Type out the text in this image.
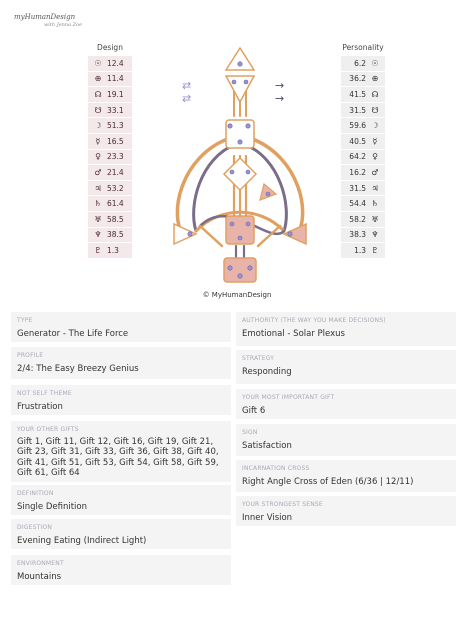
myHumanDesign
with Jenna Zoe
Design	Personality
☉ 12.4
⊕ 11.4
☊ 19.1
☋ 33.1
☽ 51.3
☿ 16.5
♀ 23.3
♂ 21.4
♃ 53.2
♄ 61.4
♅ 58.5
♆ 38.5
♇ 1.3
6.2 ☉
36.2 ⊕
41.5 ☊
31.5 ☋
59.6 ☽
40.5 ☿
64.2 ♀
16.2 ♂
31.5 ♃
54.4 ♄
58.2 ♅
38.3 ♆
1.3 ♇
⇄
⇄
→
→
© MyHumanDesign
TYPE
Generator - The Life Force
PROFILE
2/4: The Easy Breezy Genius
NOT SELF THEME
Frustration
YOUR OTHER GIFTS
Gift 1, Gift 11, Gift 12, Gift 16, Gift 19, Gift 21, Gift 23, Gift 31, Gift 33, Gift 36, Gift 38, Gift 40, Gift 41, Gift 51, Gift 53, Gift 54, Gift 58, Gift 59, Gift 61, Gift 64
DEFINITION
Single Definition
DIGESTION
Evening Eating (Indirect Light)
ENVIRONMENT
Mountains
AUTHORITY (THE WAY YOU MAKE DECISIONS)
Emotional - Solar Plexus
STRATEGY
Responding
YOUR MOST IMPORTANT GIFT
Gift 6
SIGN
Satisfaction
INCARNATION CROSS
Right Angle Cross of Eden (6/36 | 12/11)
YOUR STRONGEST SENSE
Inner Vision
